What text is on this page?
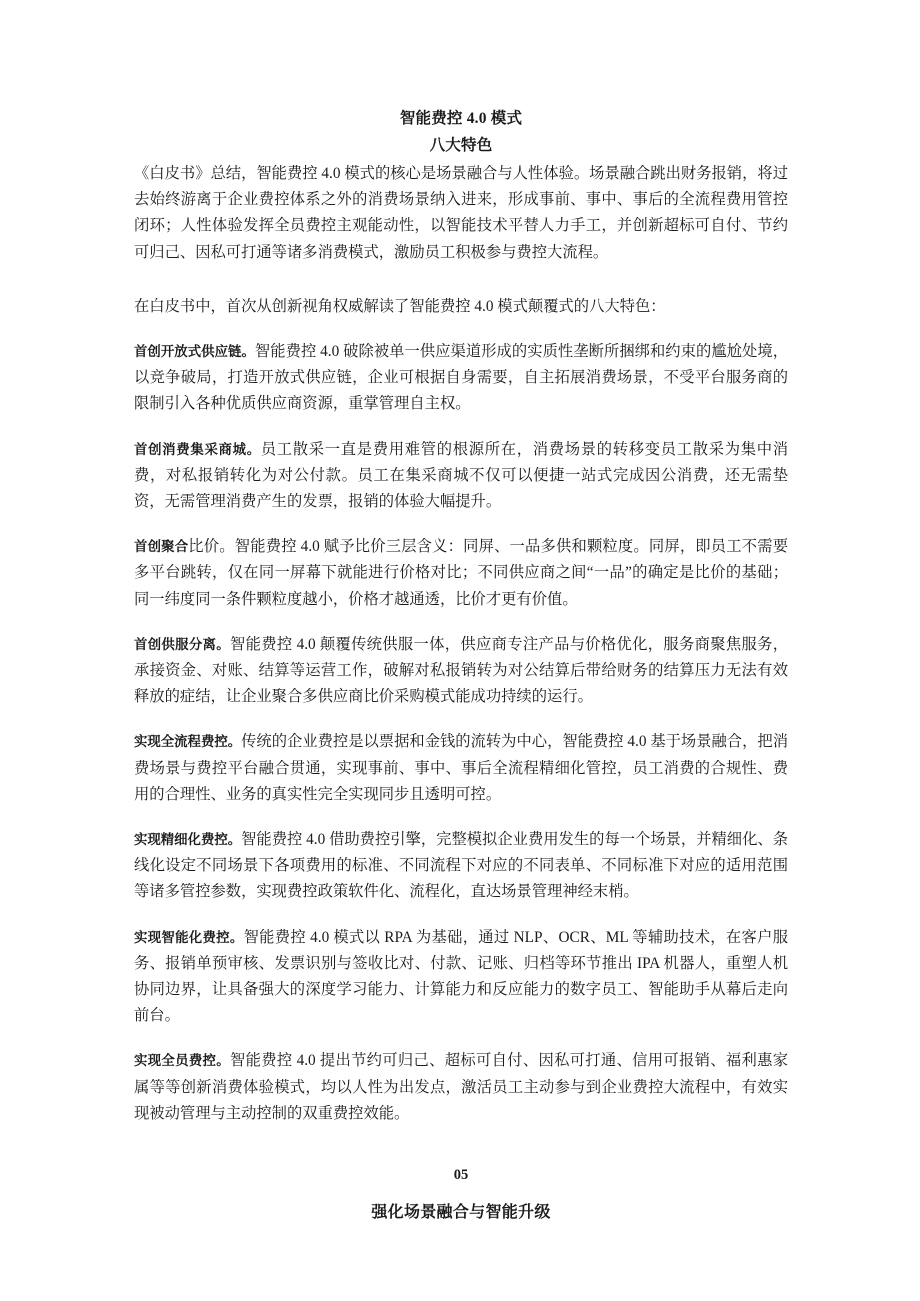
智能费控 4.0 模式
八大特色

《白皮书》总结，智能费控 4.0 模式的核心是场景融合与人性体验。场景融合跳出财务报销，将过去始终游离于企业费控体系之外的消费场景纳入进来，形成事前、事中、事后的全流程费用管控闭环；人性体验发挥全员费控主观能动性，以智能技术平替人力手工，并创新超标可自付、节约可归己、因私可打通等诸多消费模式，激励员工积极参与费控大流程。

在白皮书中，首次从创新视角权威解读了智能费控 4.0 模式颠覆式的八大特色：

首创开放式供应链。智能费控 4.0 破除被单一供应渠道形成的实质性垄断所捆绑和约束的尴尬处境，以竞争破局，打造开放式供应链，企业可根据自身需要，自主拓展消费场景，不受平台服务商的限制引入各种优质供应商资源，重掌管理自主权。

首创消费集采商城。员工散采一直是费用难管的根源所在，消费场景的转移变员工散采为集中消费，对私报销转化为对公付款。员工在集采商城不仅可以便捷一站式完成因公消费，还无需垫资，无需管理消费产生的发票，报销的体验大幅提升。

首创聚合比价。智能费控 4.0 赋予比价三层含义：同屏、一品多供和颗粒度。同屏，即员工不需要多平台跳转，仅在同一屏幕下就能进行价格对比；不同供应商之间“一品”的确定是比价的基础；同一纬度同一条件颗粒度越小，价格才越通透，比价才更有价值。

首创供服分离。智能费控 4.0 颠覆传统供服一体，供应商专注产品与价格优化，服务商聚焦服务，承接资金、对账、结算等运营工作，破解对私报销转为对公结算后带给财务的结算压力无法有效释放的症结，让企业聚合多供应商比价采购模式能成功持续的运行。

实现全流程费控。传统的企业费控是以票据和金钱的流转为中心，智能费控 4.0 基于场景融合，把消费场景与费控平台融合贯通，实现事前、事中、事后全流程精细化管控，员工消费的合规性、费用的合理性、业务的真实性完全实现同步且透明可控。

实现精细化费控。智能费控 4.0 借助费控引擎，完整模拟企业费用发生的每一个场景，并精细化、条线化设定不同场景下各项费用的标准、不同流程下对应的不同表单、不同标准下对应的适用范围等诸多管控参数，实现费控政策软件化、流程化，直达场景管理神经末梢。

实现智能化费控。智能费控 4.0 模式以 RPA 为基础，通过 NLP、OCR、ML 等辅助技术，在客户服务、报销单预审核、发票识别与签收比对、付款、记账、归档等环节推出 IPA 机器人，重塑人机协同边界，让具备强大的深度学习能力、计算能力和反应能力的数字员工、智能助手从幕后走向前台。

实现全员费控。智能费控 4.0 提出节约可归己、超标可自付、因私可打通、信用可报销、福利惠家属等等创新消费体验模式，均以人性为出发点，激活员工主动参与到企业费控大流程中，有效实现被动管理与主动控制的双重费控效能。

05
强化场景融合与智能升级
